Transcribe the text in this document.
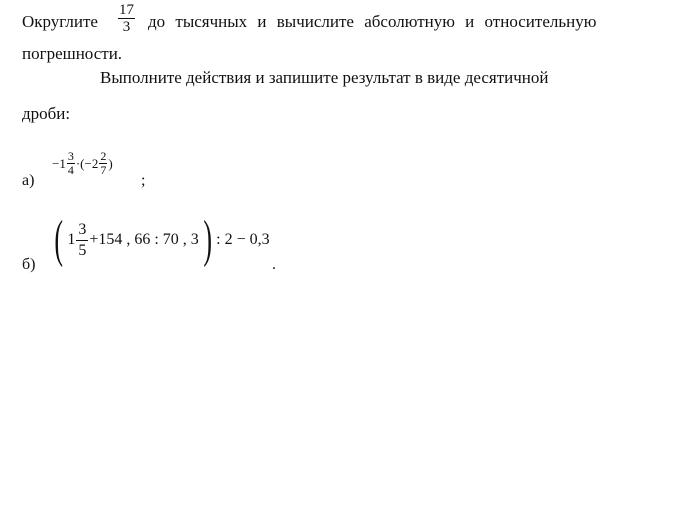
Округлите $\frac{17}{3}$ до тысячных и вычислите абсолютную и относительную
погрешности.
Выполните действия и запишите результат в виде десятичной
дроби:
а)
$-1 \frac{3}{4} \cdot(-2 \frac{2}{7}$ )
;
б) ( $1 \frac{3}{5} +154$ , 66 : 70 , 3 ) : 2 − 0,3
.
